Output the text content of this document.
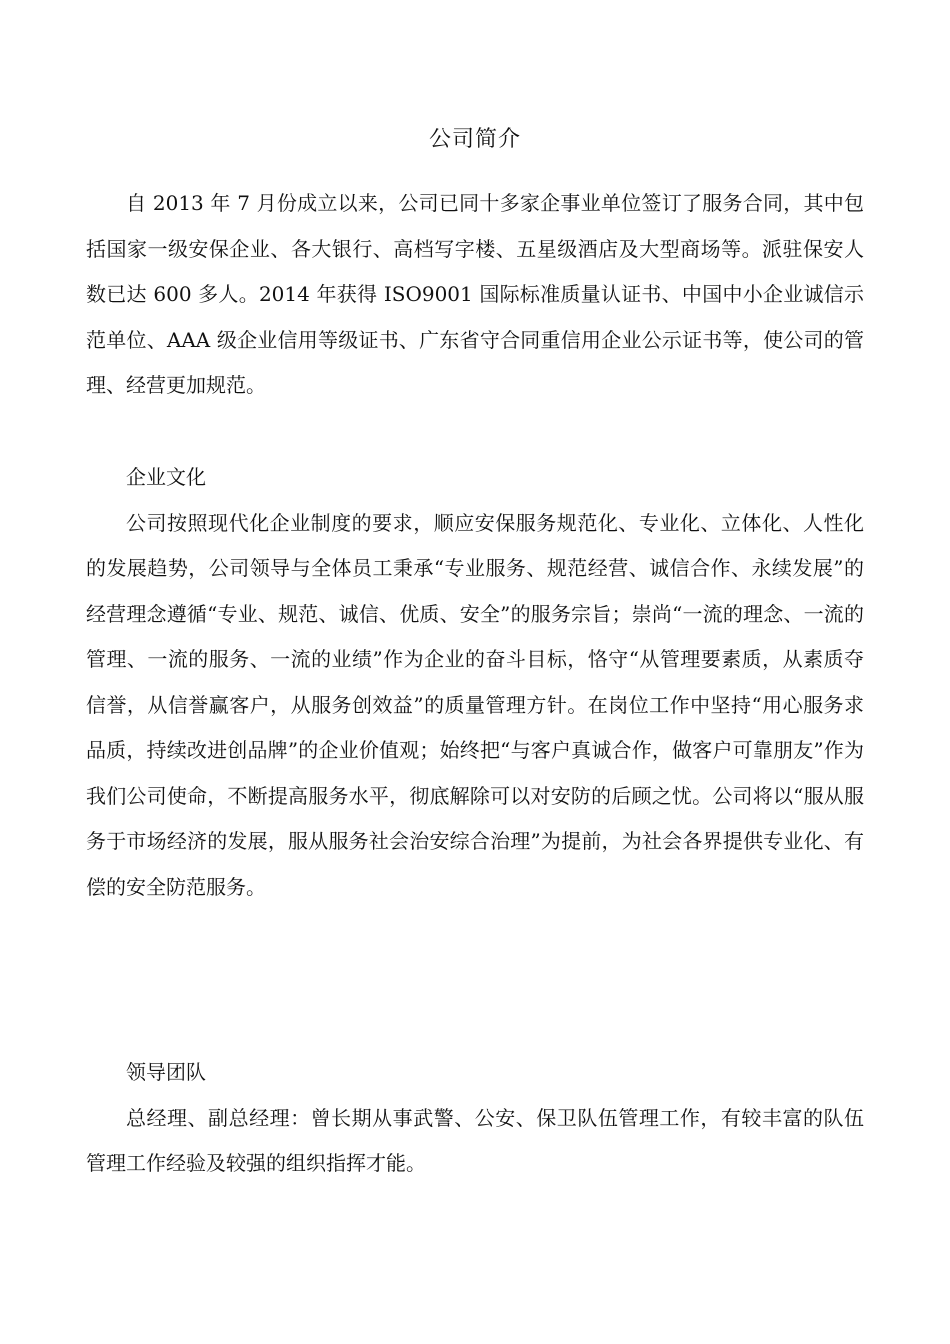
公司简介

自 2013 年 7 月份成立以来，公司已同十多家企事业单位签订了服务合同，其中包括国家一级安保企业、各大银行、高档写字楼、五星级酒店及大型商场等。派驻保安人数已达 600 多人。2014 年获得 ISO9001 国际标准质量认证书、中国中小企业诚信示范单位、AAA 级企业信用等级证书、广东省守合同重信用企业公示证书等，使公司的管理、经营更加规范。

企业文化

公司按照现代化企业制度的要求，顺应安保服务规范化、专业化、立体化、人性化的发展趋势，公司领导与全体员工秉承“专业服务、规范经营、诚信合作、永续发展”的经营理念遵循“专业、规范、诚信、优质、安全”的服务宗旨；崇尚“一流的理念、一流的管理、一流的服务、一流的业绩”作为企业的奋斗目标，恪守“从管理要素质，从素质夺信誉，从信誉赢客户，从服务创效益”的质量管理方针。在岗位工作中坚持“用心服务求品质，持续改进创品牌”的企业价值观；始终把“与客户真诚合作，做客户可靠朋友”作为我们公司使命，不断提高服务水平，彻底解除可以对安防的后顾之忧。公司将以“服从服务于市场经济的发展，服从服务社会治安综合治理”为提前，为社会各界提供专业化、有偿的安全防范服务。

领导团队

总经理、副总经理：曾长期从事武警、公安、保卫队伍管理工作，有较丰富的队伍管理工作经验及较强的组织指挥才能。
